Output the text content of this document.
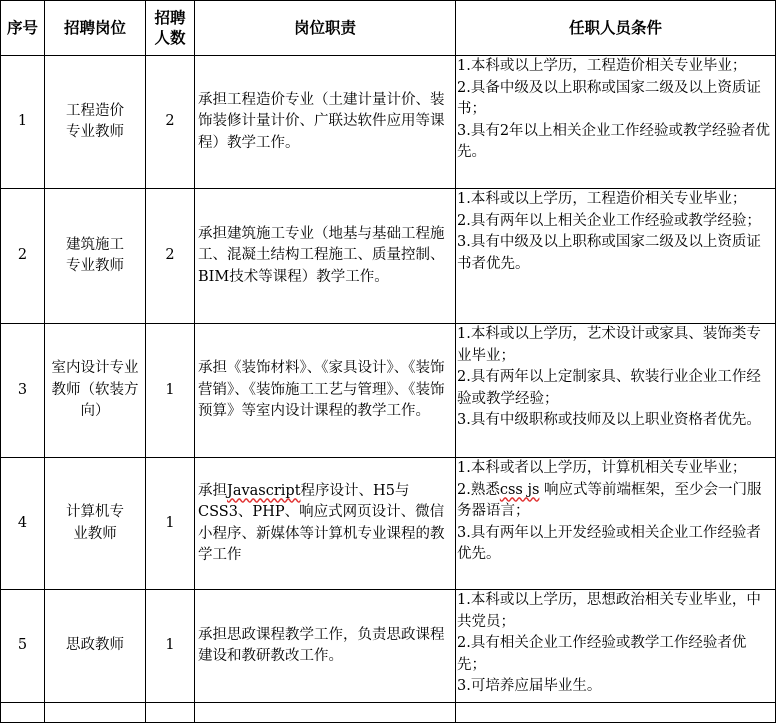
序号	招聘岗位	招聘人数	岗位职责	任职人员条件
1	工程造价专业教师	2	承担工程造价专业（土建计量计价、装饰装修计量计价、广联达软件应用等课程）教学工作。	1.本科或以上学历，工程造价相关专业毕业；
2.具备中级及以上职称或国家二级及以上资质证书；
3.具有2年以上相关企业工作经验或教学经验者优先。

2	建筑施工专业教师	2	承担建筑施工专业（地基与基础工程施工、混凝土结构工程施工、质量控制、BIM技术等课程）教学工作。	1.本科或以上学历，工程造价相关专业毕业；
2.具有两年以上相关企业工作经验或教学经验；
3.具有中级及以上职称或国家二级及以上资质证书者优先。

3	室内设计专业教师（软装方向）	1	承担《装饰材料》、《家具设计》、《装饰营销》、《装饰施工工艺与管理》、《装饰预算》等室内设计课程的教学工作。	1.本科或以上学历，艺术设计或家具、装饰类专业毕业；
2.具有两年以上定制家具、软装行业企业工作经验或教学经验；
3.具有中级职称或技师及以上职业资格者优先。

4	计算机专业教师	1	承担Javascript程序设计、H5与CSS3、PHP、响应式网页设计、微信小程序、新媒体等计算机专业课程的教学工作	1.本科或者以上学历，计算机相关专业毕业；
2.熟悉css js 响应式等前端框架，至少会一门服务器语言；
3.具有两年以上开发经验或相关企业工作经验者优先。

5	思政教师	1	承担思政课程教学工作，负责思政课程建设和教研教改工作。	1.本科或以上学历，思想政治相关专业毕业，中共党员；
2.具有相关企业工作经验或教学工作经验者优先；
3.可培养应届毕业生。
